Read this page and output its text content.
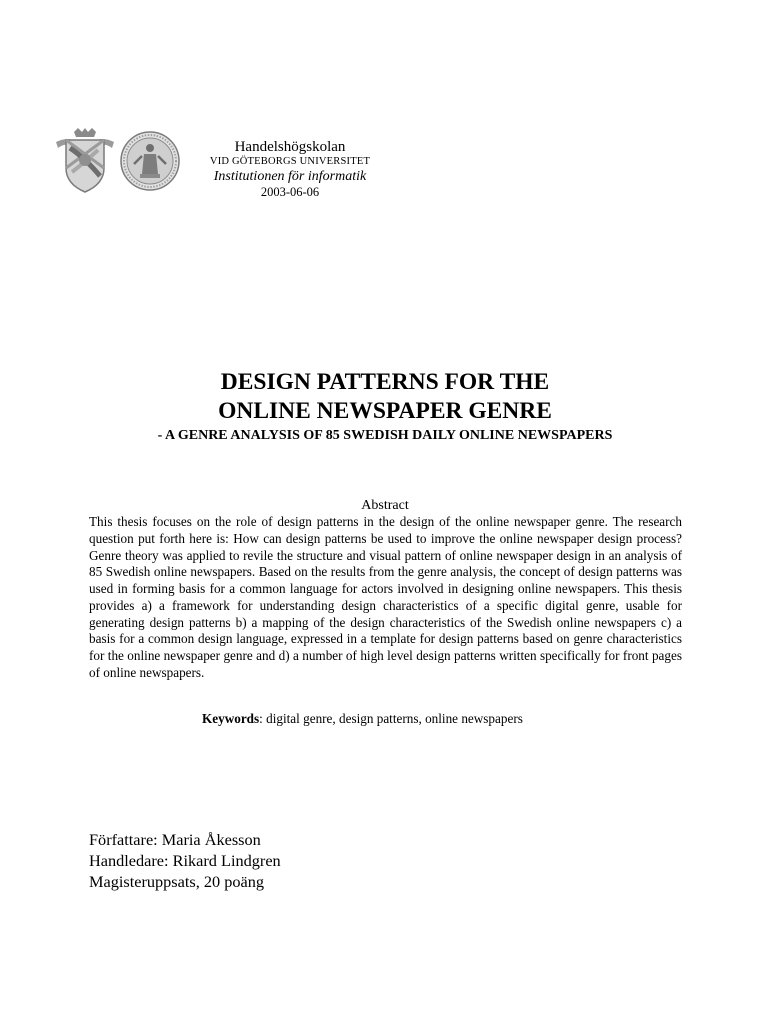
Handelshögskolan
VID GÖTEBORGS UNIVERSITET
Institutionen för informatik
2003-06-06
DESIGN PATTERNS FOR THE
ONLINE NEWSPAPER GENRE
- A GENRE ANALYSIS OF 85 SWEDISH DAILY ONLINE NEWSPAPERS
Abstract
This thesis focuses on the role of design patterns in the design of the online newspaper genre. The research question put forth here is: How can design patterns be used to improve the online newspaper design process? Genre theory was applied to revile the structure and visual pattern of online newspaper design in an analysis of 85 Swedish online newspapers. Based on the results from the genre analysis, the concept of design patterns was used in forming basis for a common language for actors involved in designing online newspapers. This thesis provides a) a framework for understanding design characteristics of a specific digital genre, usable for generating design patterns b) a mapping of the design characteristics of the Swedish online newspapers c) a basis for a common design language, expressed in a template for design patterns based on genre characteristics for the online newspaper genre and d) a number of high level design patterns written specifically for front pages of online newspapers.
Keywords: digital genre, design patterns, online newspapers
Författare: Maria Åkesson
Handledare: Rikard Lindgren
Magisteruppsats, 20 poäng
